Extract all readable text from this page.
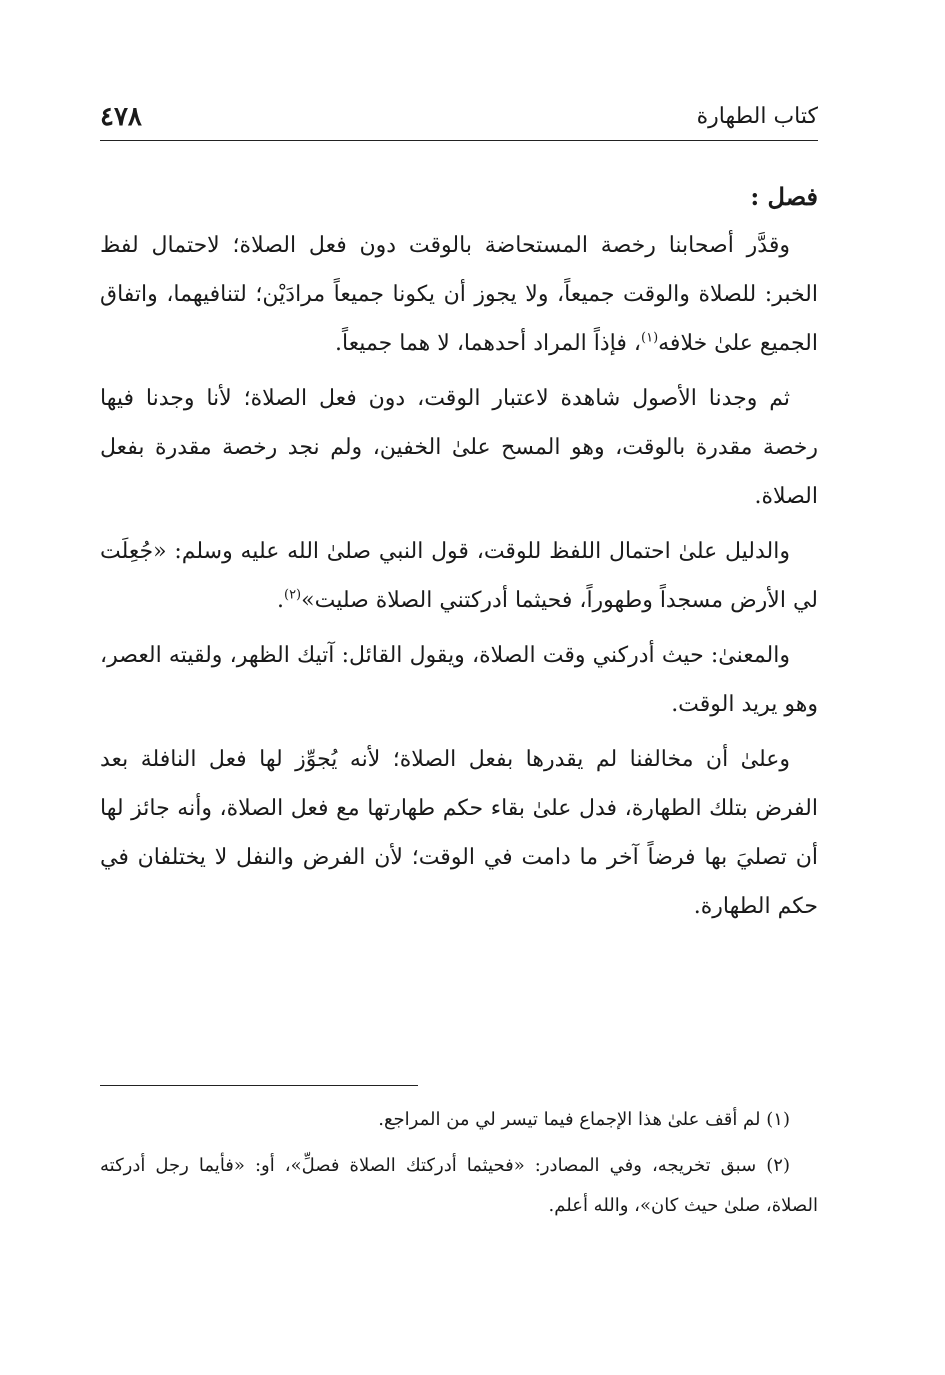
كتاب الطهارة
٤٧٨
فصل :

وقدَّر أصحابنا رخصة المستحاضة بالوقت دون فعل الصلاة؛ لاحتمال لفظ الخبر: للصلاة والوقت جميعاً، ولا يجوز أن يكونا جميعاً مرادَيْن؛ لتنافيهما، واتفاق الجميع علىٰ خلافه$^{(١)}$، فإذاً المراد أحدهما، لا هما جميعاً.

ثم وجدنا الأصول شاهدة لاعتبار الوقت، دون فعل الصلاة؛ لأنا وجدنا فيها رخصة مقدرة بالوقت، وهو المسح علىٰ الخفين، ولم نجد رخصة مقدرة بفعل الصلاة.

والدليل علىٰ احتمال اللفظ للوقت، قول النبي صلىٰ الله عليه وسلم: «جُعِلَت لي الأرض مسجداً وطهوراً، فحيثما أدركتني الصلاة صليت»$^{(٢)}$.

والمعنىٰ: حيث أدركني وقت الصلاة، ويقول القائل: آتيك الظهر، ولقيته العصر، وهو يريد الوقت.

وعلىٰ أن مخالفنا لم يقدرها بفعل الصلاة؛ لأنه يُجوِّز لها فعل النافلة بعد الفرض بتلك الطهارة، فدل علىٰ بقاء حكم طهارتها مع فعل الصلاة، وأنه جائز لها أن تصليَ بها فرضاً آخر ما دامت في الوقت؛ لأن الفرض والنفل لا يختلفان في حكم الطهارة.

(١) لم أقف علىٰ هذا الإجماع فيما تيسر لي من المراجع.

(٢) سبق تخريجه، وفي المصادر: «فحيثما أدركتك الصلاة فصلِّ»، أو: «فأيما رجل أدركته الصلاة، صلىٰ حيث كان»، والله أعلم.
